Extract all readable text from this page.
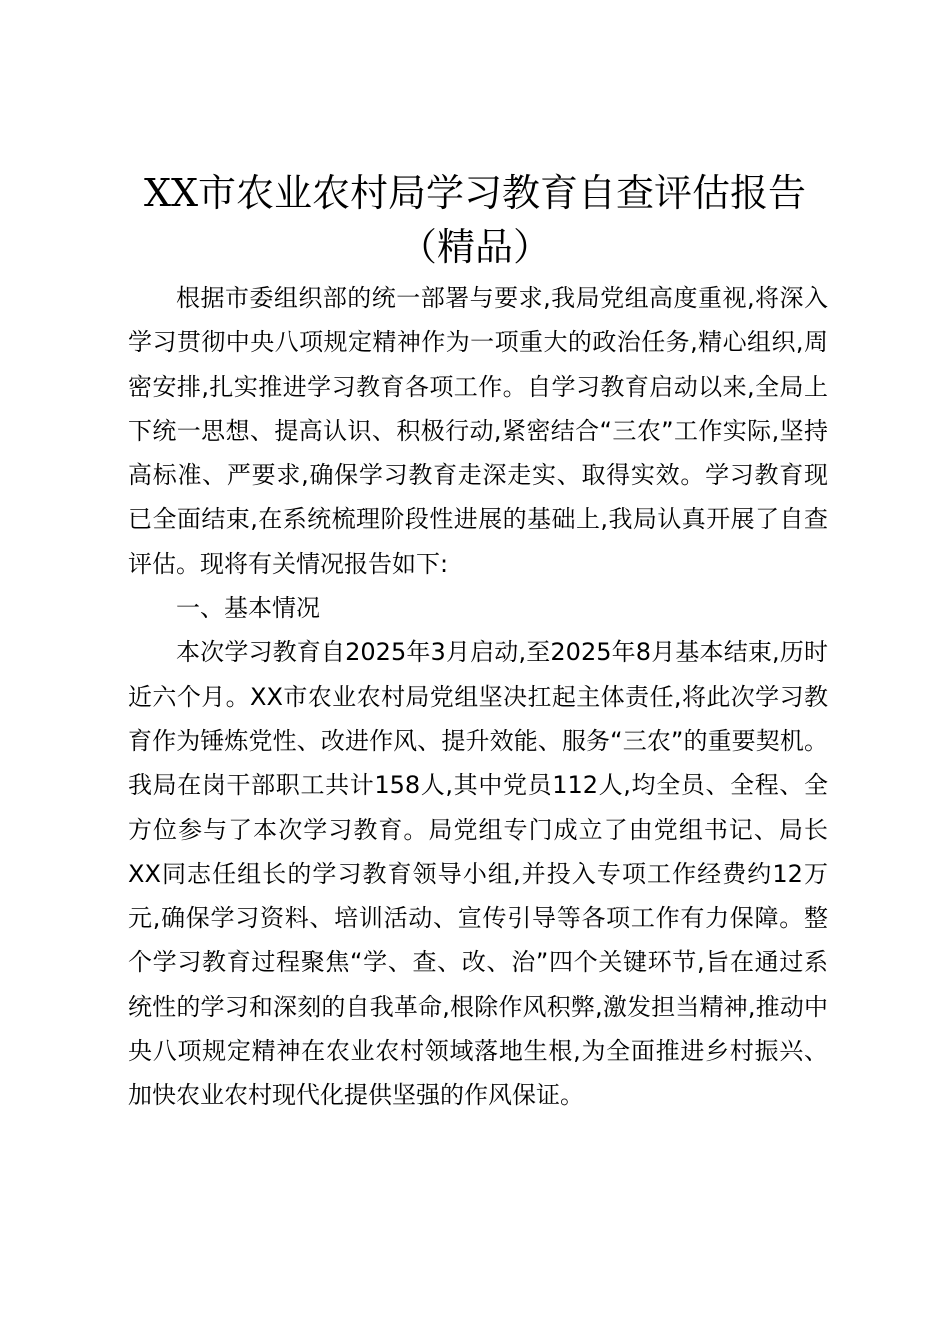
XX市农业农村局学习教育自查评估报告（精品）

根据市委组织部的统一部署与要求,我局党组高度重视,将深入学习贯彻中央八项规定精神作为一项重大的政治任务,精心组织,周密安排,扎实推进学习教育各项工作。自学习教育启动以来,全局上下统一思想、提高认识、积极行动,紧密结合“三农”工作实际,坚持高标准、严要求,确保学习教育走深走实、取得实效。学习教育现已全面结束,在系统梳理阶段性进展的基础上,我局认真开展了自查评估。现将有关情况报告如下:

一、基本情况

本次学习教育自2025年3月启动,至2025年8月基本结束,历时近六个月。XX市农业农村局党组坚决扛起主体责任,将此次学习教育作为锤炼党性、改进作风、提升效能、服务“三农”的重要契机。我局在岗干部职工共计158人,其中党员112人,均全员、全程、全方位参与了本次学习教育。局党组专门成立了由党组书记、局长XX同志任组长的学习教育领导小组,并投入专项工作经费约12万元,确保学习资料、培训活动、宣传引导等各项工作有力保障。整个学习教育过程聚焦“学、查、改、治”四个关键环节,旨在通过系统性的学习和深刻的自我革命,根除作风积弊,激发担当精神,推动中央八项规定精神在农业农村领域落地生根,为全面推进乡村振兴、加快农业农村现代化提供坚强的作风保证。
